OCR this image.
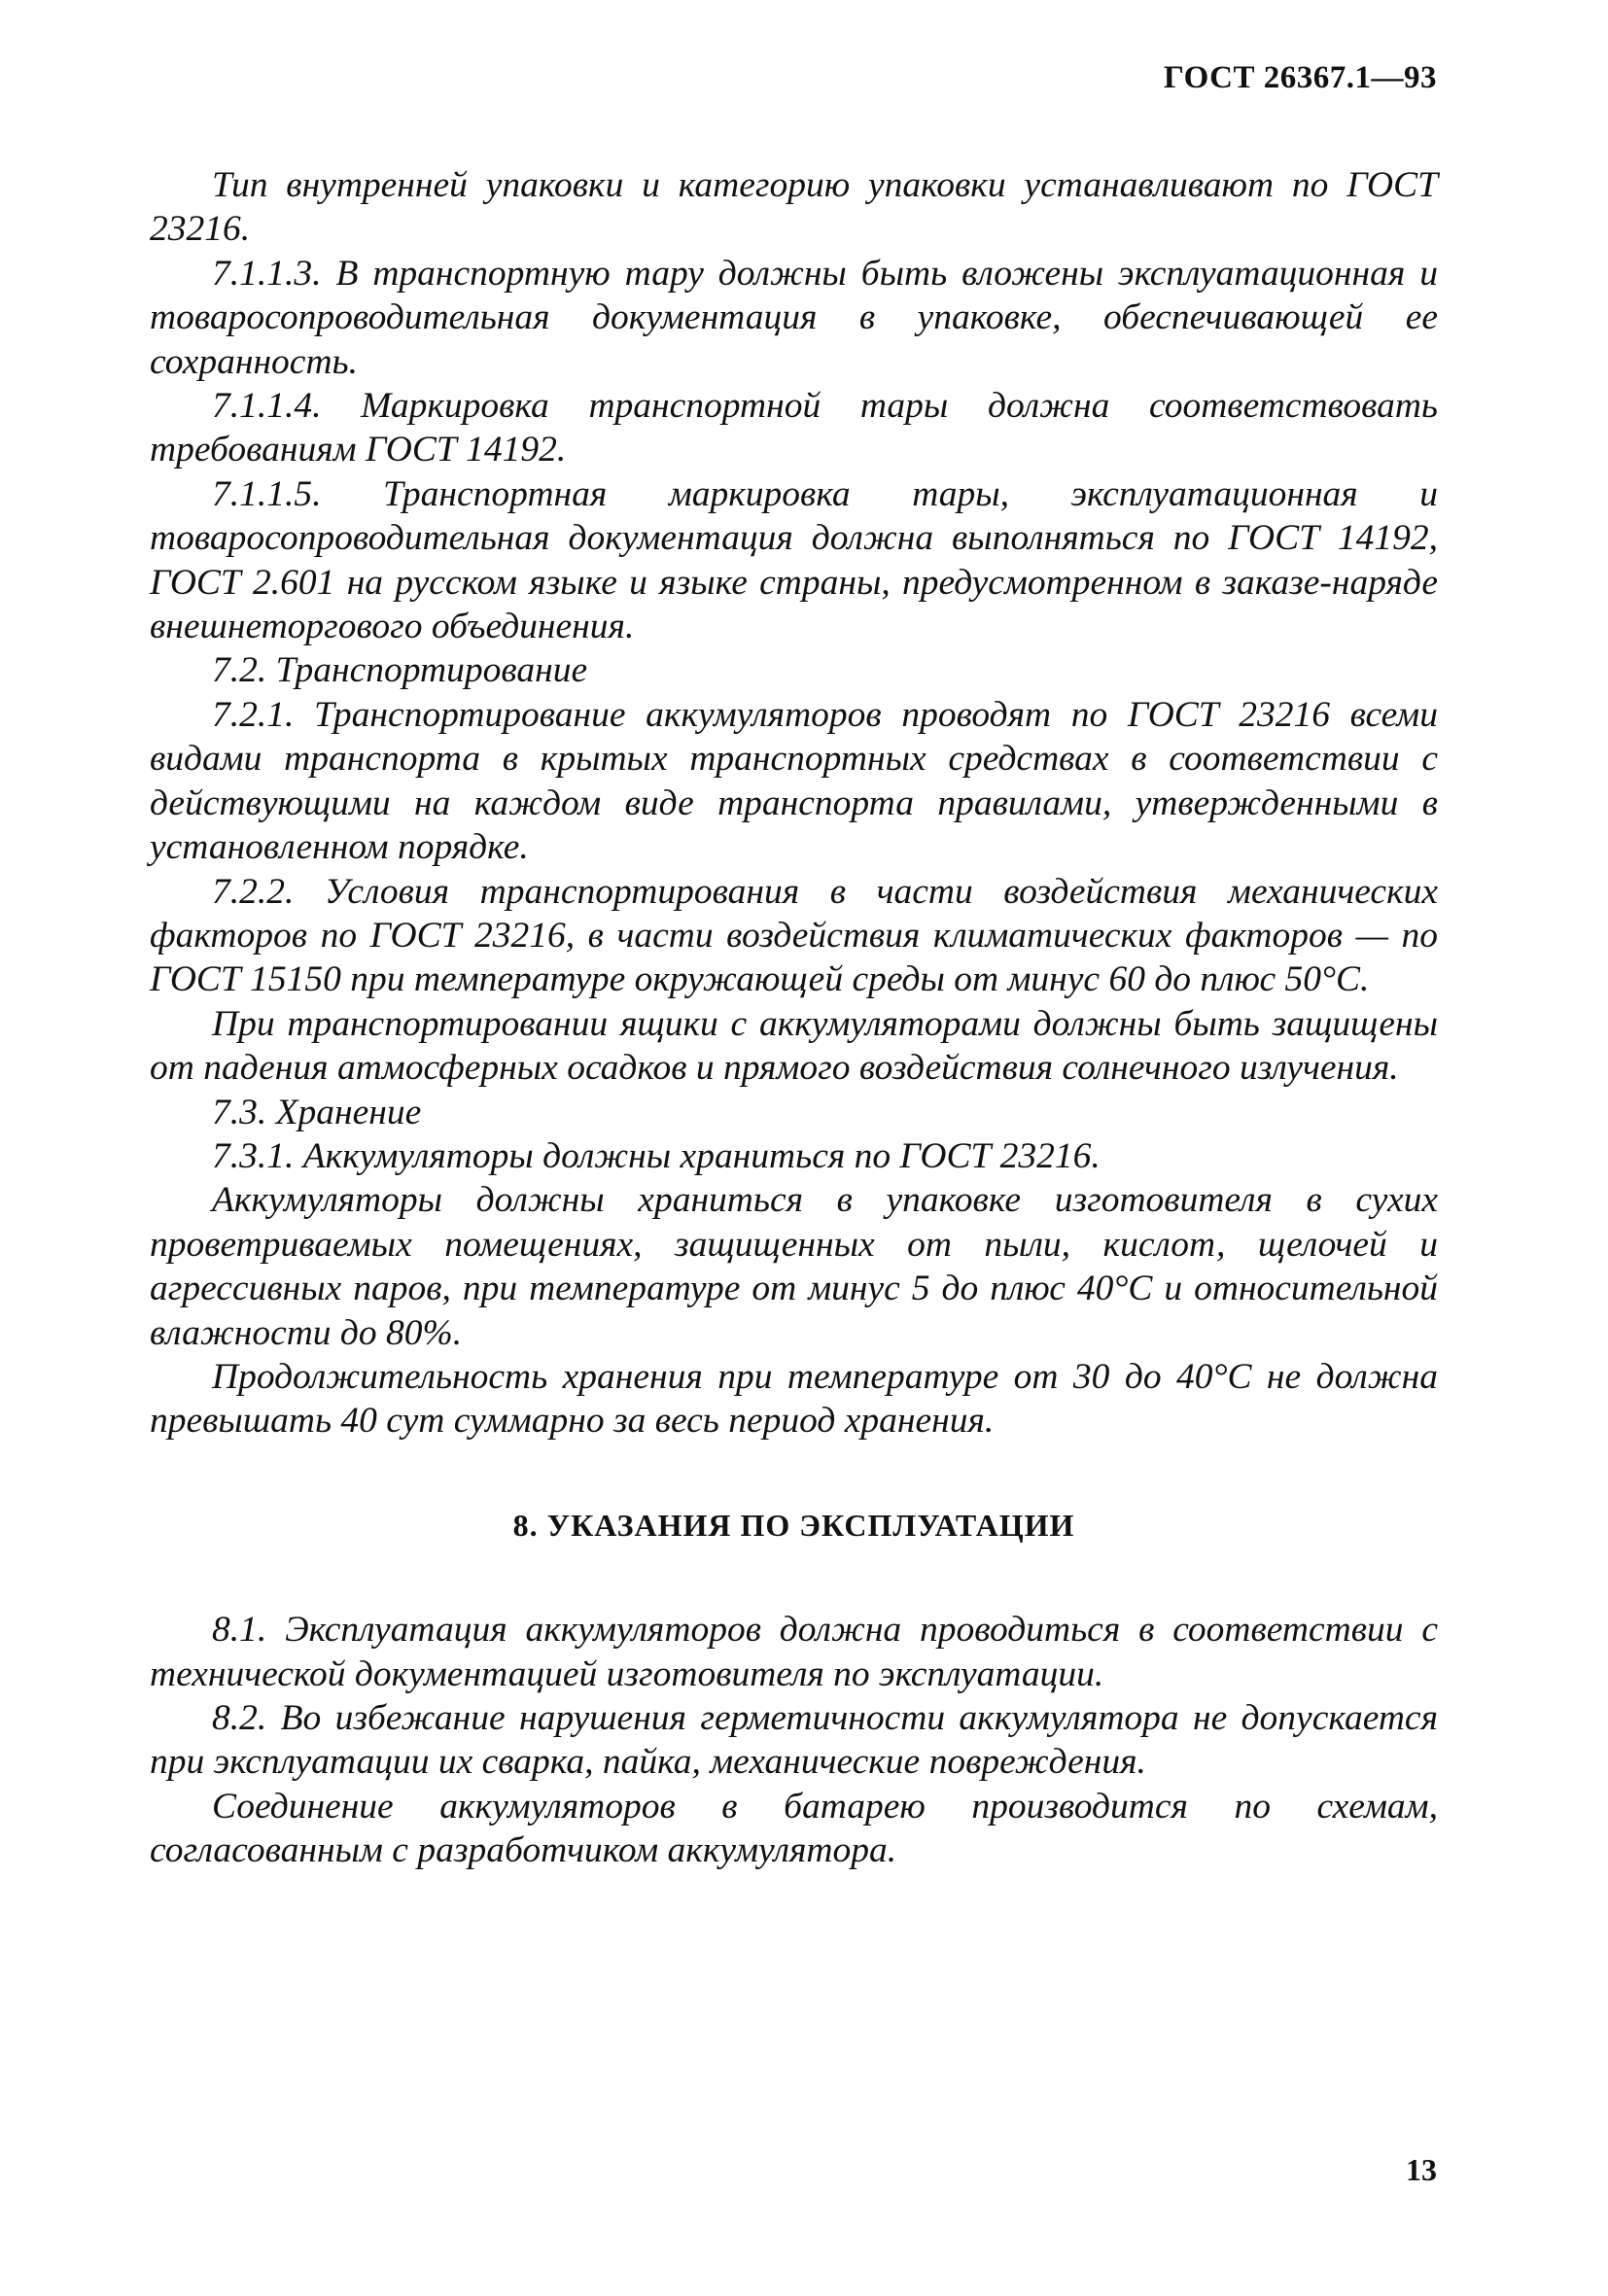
ГОСТ 26367.1—93

Тип внутренней упаковки и категорию упаковки устанавливают по ГОСТ 23216.

7.1.1.3. В транспортную тару должны быть вложены эксплуатационная и товаросопроводительная документация в упаковке, обеспечивающей ее сохранность.

7.1.1.4. Маркировка транспортной тары должна соответствовать требованиям ГОСТ 14192.

7.1.1.5. Транспортная маркировка тары, эксплуатационная и товаросопроводительная документация должна выполняться по ГОСТ 14192, ГОСТ 2.601 на русском языке и языке страны, предусмотренном в заказе-наряде внешнеторгового объединения.

7.2. Транспортирование

7.2.1. Транспортирование аккумуляторов проводят по ГОСТ 23216 всеми видами транспорта в крытых транспортных средствах в соответствии с действующими на каждом виде транспорта правилами, утвержденными в установленном порядке.

7.2.2. Условия транспортирования в части воздействия механических факторов по ГОСТ 23216, в части воздействия климатических факторов — по ГОСТ 15150 при температуре окружающей среды от минус 60 до плюс 50°С.

При транспортировании ящики с аккумуляторами должны быть защищены от падения атмосферных осадков и прямого воздействия солнечного излучения.

7.3. Хранение

7.3.1. Аккумуляторы должны храниться по ГОСТ 23216.

Аккумуляторы должны храниться в упаковке изготовителя в сухих проветриваемых помещениях, защищенных от пыли, кислот, щелочей и агрессивных паров, при температуре от минус 5 до плюс 40°С и относительной влажности до 80%.

Продолжительность хранения при температуре от 30 до 40°С не должна превышать 40 сут суммарно за весь период хранения.

8. УКАЗАНИЯ ПО ЭКСПЛУАТАЦИИ

8.1. Эксплуатация аккумуляторов должна проводиться в соответствии с технической документацией изготовителя по эксплуатации.

8.2. Во избежание нарушения герметичности аккумулятора не допускается при эксплуатации их сварка, пайка, механические повреждения.

Соединение аккумуляторов в батарею производится по схемам, согласованным с разработчиком аккумулятора.

13
